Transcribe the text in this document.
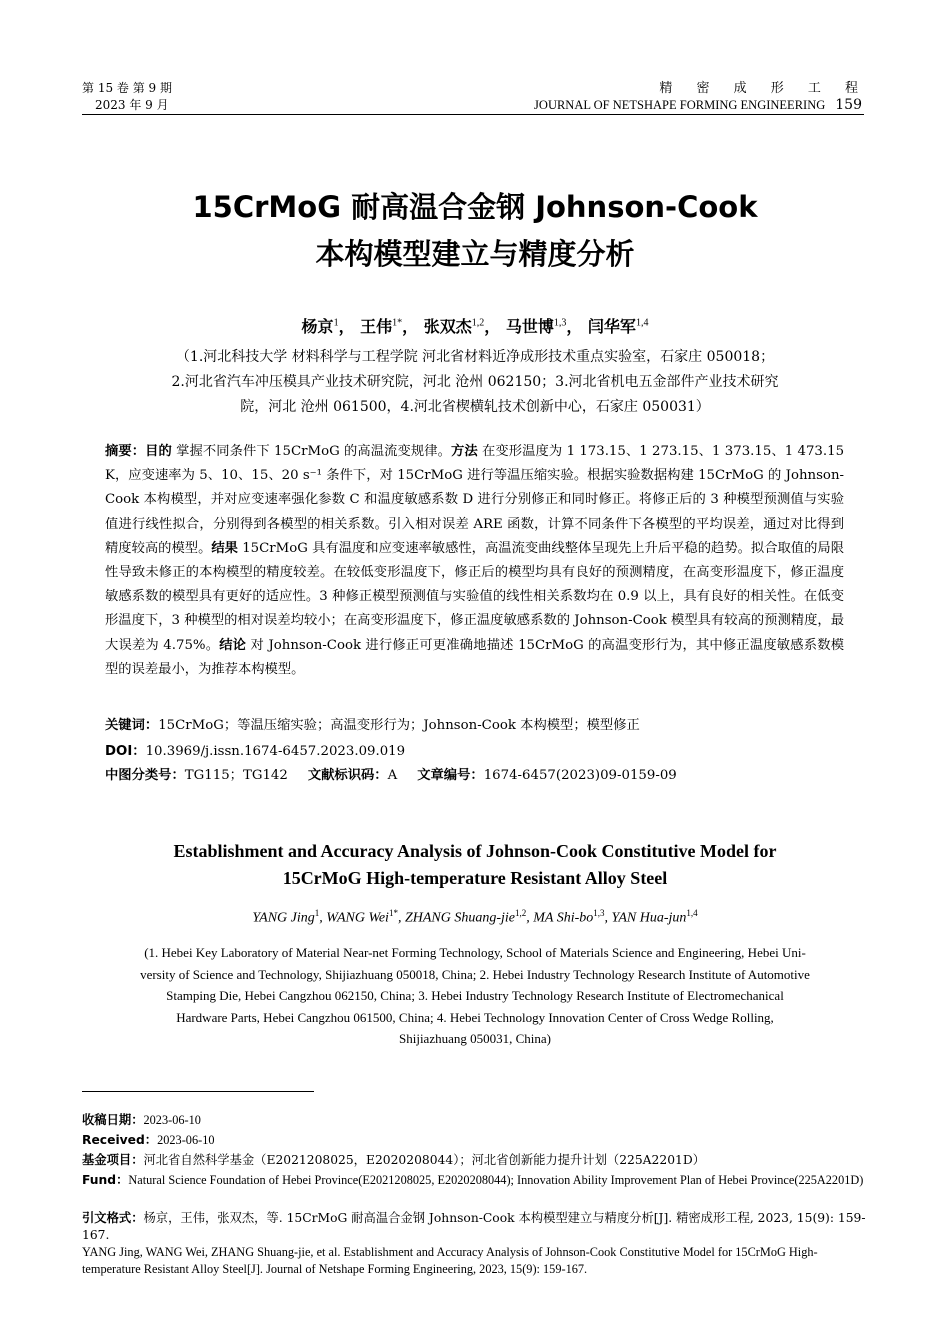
第 15 卷 第 9 期
2023 年 9 月
精 密 成 形 工 程
JOURNAL OF NETSHAPE FORMING ENGINEERING 159
15CrMoG 耐高温合金钢 Johnson-Cook
本构模型建立与精度分析
杨京$^1$， 王伟$^{1*}$， 张双杰$^{1,2}$， 马世博$^{1,3}$， 闫华军$^{1,4}$
（1.河北科技大学 材料科学与工程学院 河北省材料近净成形技术重点实验室，石家庄 050018；
2.河北省汽车冲压模具产业技术研究院，河北 沧州 062150；3.河北省机电五金部件产业技术研究
院，河北 沧州 061500，4.河北省楔横轧技术创新中心，石家庄 050031）
摘要：目的 掌握不同条件下 15CrMoG 的高温流变规律。方法 在变形温度为 1 173.15、1 273.15、1 373.15、1 473.15 K，应变速率为 5、10、15、20 s⁻¹ 条件下，对 15CrMoG 进行等温压缩实验。根据实验数据构建 15CrMoG 的 Johnson-Cook 本构模型，并对应变速率强化参数 C 和温度敏感系数 D 进行分别修正和同时修正。将修正后的 3 种模型预测值与实验值进行线性拟合，分别得到各模型的相关系数。引入相对误差 ARE 函数，计算不同条件下各模型的平均误差，通过对比得到精度较高的模型。结果 15CrMoG 具有温度和应变速率敏感性，高温流变曲线整体呈现先上升后平稳的趋势。拟合取值的局限性导致未修正的本构模型的精度较差。在较低变形温度下，修正后的模型均具有良好的预测精度，在高变形温度下，修正温度敏感系数的模型具有更好的适应性。3 种修正模型预测值与实验值的线性相关系数均在 0.9 以上，具有良好的相关性。在低变形温度下，3 种模型的相对误差均较小；在高变形温度下，修正温度敏感系数的 Johnson-Cook 模型具有较高的预测精度，最大误差为 4.75%。结论 对 Johnson-Cook 进行修正可更准确地描述 15CrMoG 的高温变形行为，其中修正温度敏感系数模型的误差最小，为推荐本构模型。
关键词：15CrMoG；等温压缩实验；高温变形行为；Johnson-Cook 本构模型；模型修正
DOI：10.3969/j.issn.1674-6457.2023.09.019
中图分类号：TG115；TG142 文献标识码：A 文章编号：1674-6457(2023)09-0159-09
Establishment and Accuracy Analysis of Johnson-Cook Constitutive Model for
15CrMoG High-temperature Resistant Alloy Steel
YANG Jing$^1$, WANG Wei$^{1*}$, ZHANG Shuang-jie$^{1,2}$, MA Shi-bo$^{1,3}$, YAN Hua-jun$^{1,4}$
(1. Hebei Key Laboratory of Material Near-net Forming Technology, School of Materials Science and Engineering, Hebei Uni-
versity of Science and Technology, Shijiazhuang 050018, China; 2. Hebei Industry Technology Research Institute of Automotive
Stamping Die, Hebei Cangzhou 062150, China; 3. Hebei Industry Technology Research Institute of Electromechanical
Hardware Parts, Hebei Cangzhou 061500, China; 4. Hebei Technology Innovation Center of Cross Wedge Rolling,
Shijiazhuang 050031, China)
收稿日期：2023-06-10
Received：2023-06-10
基金项目：河北省自然科学基金（E2021208025，E2020208044）；河北省创新能力提升计划（225A2201D）
Fund：Natural Science Foundation of Hebei Province(E2021208025, E2020208044); Innovation Ability Improvement Plan of Hebei Province(225A2201D)
引文格式：杨京，王伟，张双杰，等. 15CrMoG 耐高温合金钢 Johnson-Cook 本构模型建立与精度分析[J]. 精密成形工程, 2023, 15(9): 159-167.
YANG Jing, WANG Wei, ZHANG Shuang-jie, et al. Establishment and Accuracy Analysis of Johnson-Cook Constitutive Model for 15CrMoG High-temperature Resistant Alloy Steel[J]. Journal of Netshape Forming Engineering, 2023, 15(9): 159-167.
